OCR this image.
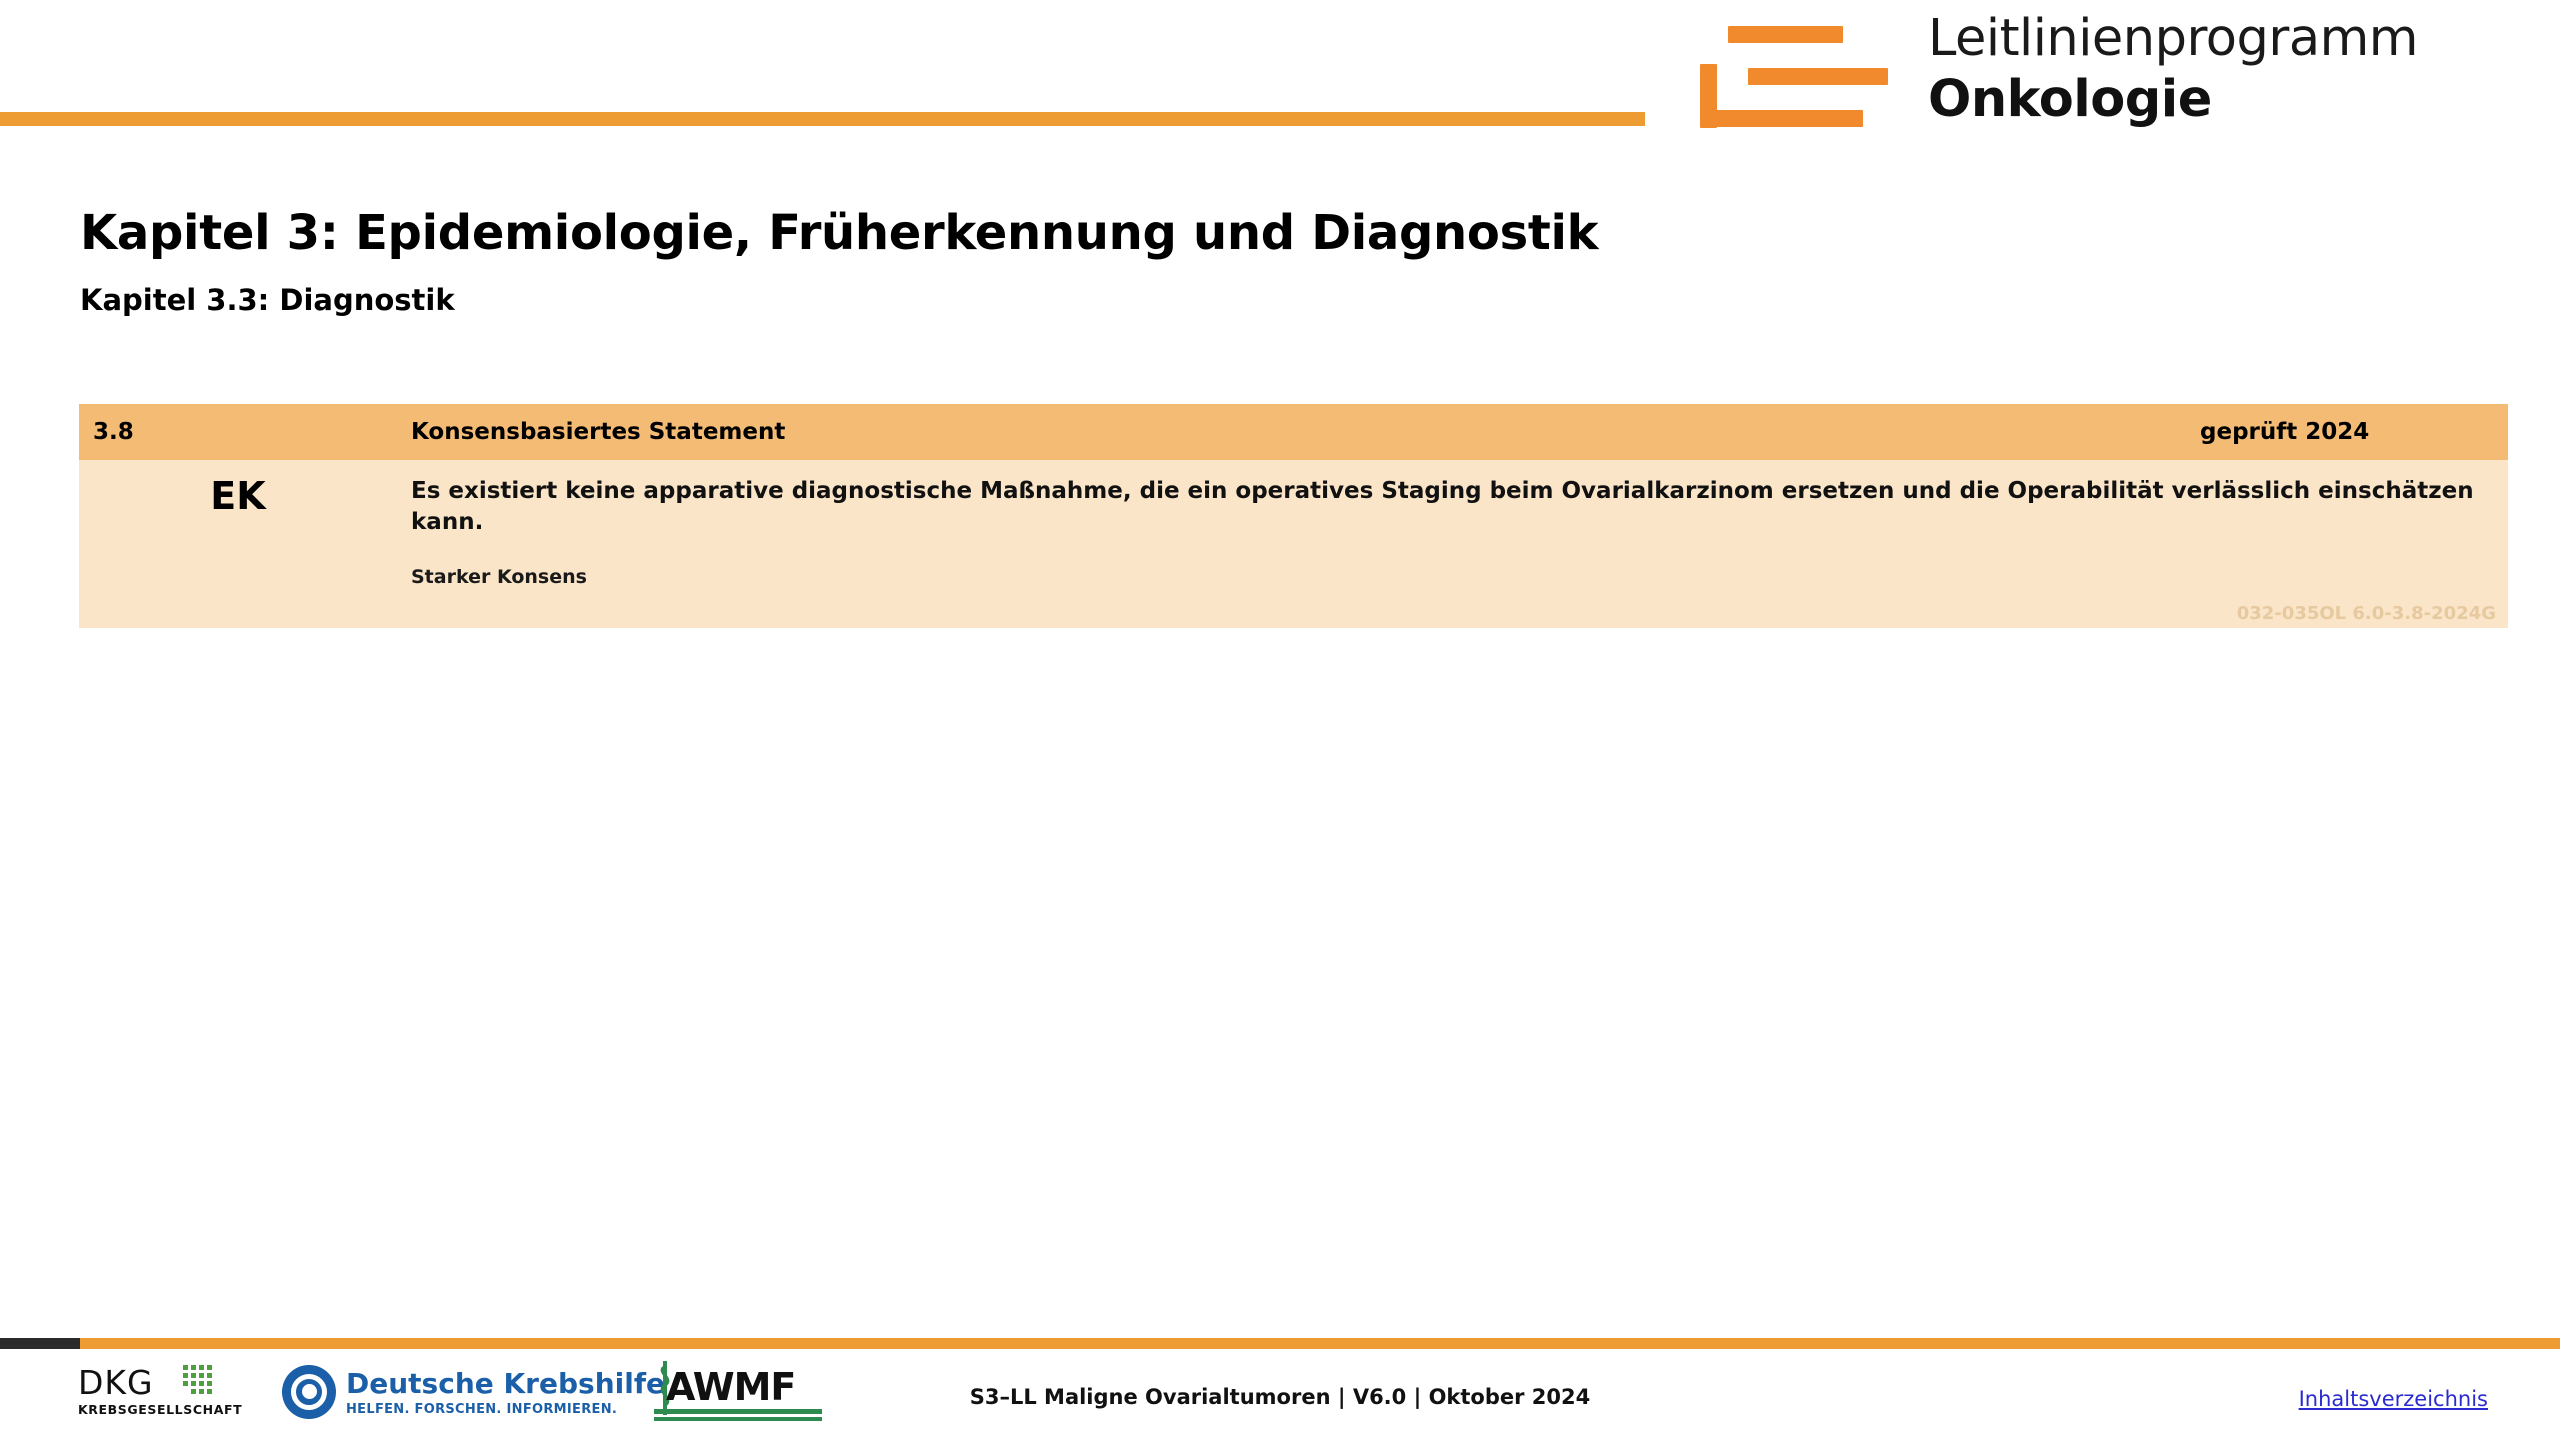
Leitlinienprogramm
Onkologie
Kapitel 3: Epidemiologie, Früherkennung und Diagnostik
Kapitel 3.3: Diagnostik
3.8	Konsensbasiertes Statement	geprüft 2024
EK	Es existiert keine apparative diagnostische Maßnahme, die ein operatives Staging beim Ovarialkarzinom ersetzen und die Operabilität verlässlich einschätzen kann.	
	Starker Konsens	032-035OL 6.0-3.8-2024G
DKG
KREBSGESELLSCHAFT
Deutsche Krebshilfe
HELFEN. FORSCHEN. INFORMIEREN.
AWMF	S3–LL Maligne Ovarialtumoren | V6.0 | Oktober 2024	Inhaltsverzeichnis
